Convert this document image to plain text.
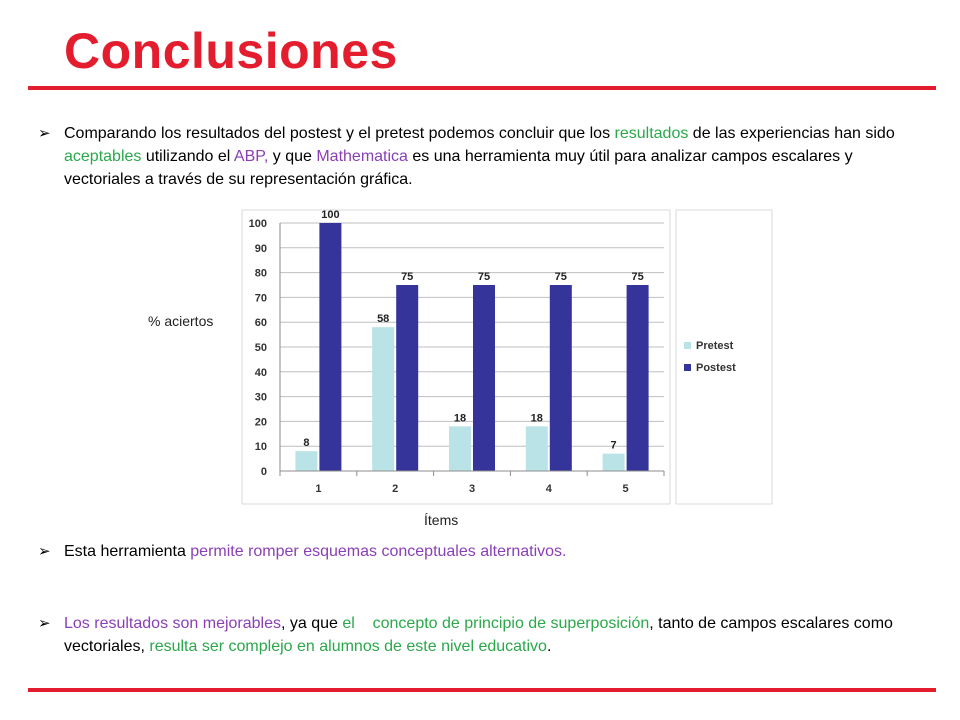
Conclusiones
➢ Comparando los resultados del postest y el pretest podemos concluir que los resultados de las experiencias han sido aceptables utilizando el ABP, y que Mathematica es una herramienta muy útil para analizar campos escalares y vectoriales a través de su representación gráfica.
0
10
20
30
40
50
60
70
80
90
100
1
8
100
2
58
75
3
18
75
4
18
75
5
7
75
Pretest
Postest
% aciertos
Ítems
➢ Esta herramienta permite romper esquemas conceptuales alternativos.
➢ Los resultados son mejorables, ya que el concepto de principio de superposición, tanto de campos escalares como vectoriales, resulta ser complejo en alumnos de este nivel educativo.
